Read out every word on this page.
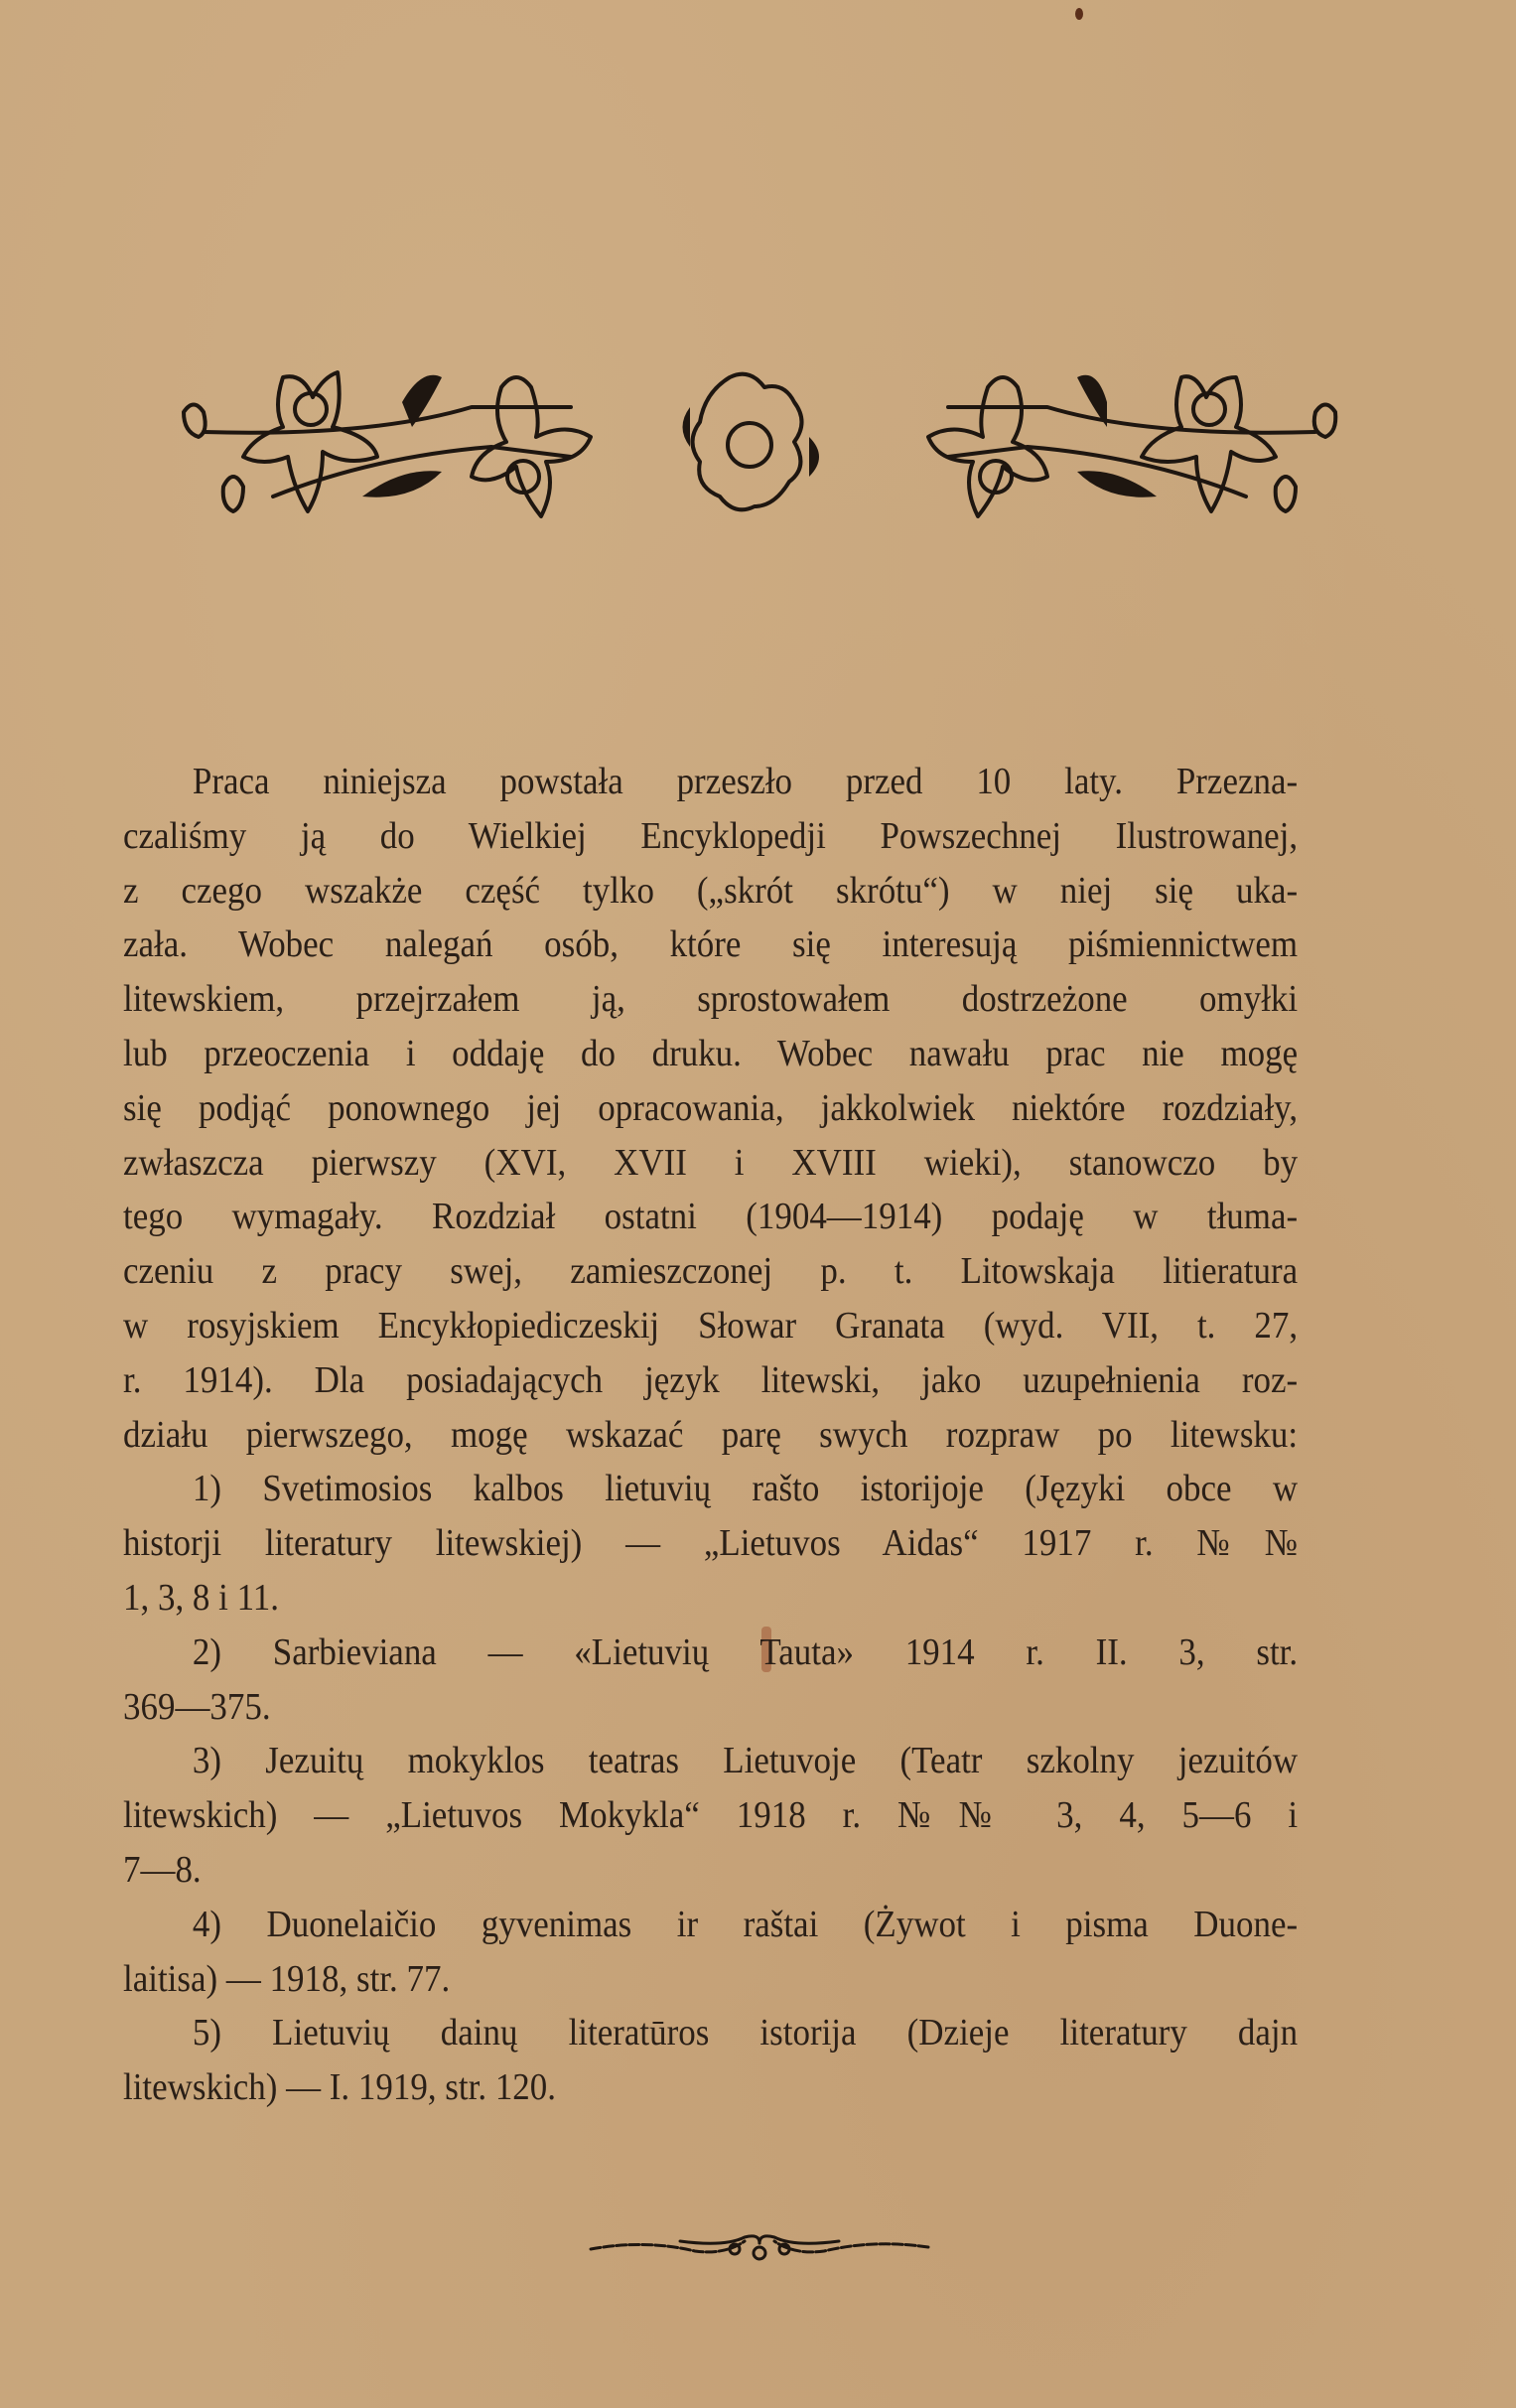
Praca niniejsza powstała przeszło przed 10 laty. Przezna-
czaliśmy ją do Wielkiej Encyklopedji Powszechnej Ilustrowanej,
z czego wszakże część tylko („skrót skrótu“) w niej się uka-
zała. Wobec nalegań osób, które się interesują piśmiennictwem
litewskiem, przejrzałem ją, sprostowałem dostrzeżone omyłki
lub przeoczenia i oddaję do druku. Wobec nawału prac nie mogę
się podjąć ponownego jej opracowania, jakkolwiek niektóre rozdziały,
zwłaszcza pierwszy (XVI, XVII i XVIII wieki), stanowczo by
tego wymagały. Rozdział ostatni (1904—1914) podaję w tłuma-
czeniu z pracy swej, zamieszczonej p. t. Litowskaja litieratura
w rosyjskiem Encykłopiediczeskij Słowar Granata (wyd. VII, t. 27,
r. 1914). Dla posiadających język litewski, jako uzupełnienia roz-
działu pierwszego, mogę wskazać parę swych rozpraw po litewsku:

1) Svetimosios kalbos lietuvių rašto istorijoje (Języki obce w
historji literatury litewskiej) — „Lietuvos Aidas“ 1917 r. №№
1, 3, 8 i 11.

2) Sarbieviana — «Lietuvių Tauta» 1914 r. II. 3, str.
369—375.

3) Jezuitų mokyklos teatras Lietuvoje (Teatr szkolny jezuitów
litewskich) — „Lietuvos Mokykla“ 1918 r. №№ 3, 4, 5—6 i
7—8.

4) Duonelaičio gyvenimas ir raštai (Żywot i pisma Duone-
laitisa) — 1918, str. 77.

5) Lietuvių dainų literatūros istorija (Dzieje literatury dajn
litewskich) — I. 1919, str. 120.
